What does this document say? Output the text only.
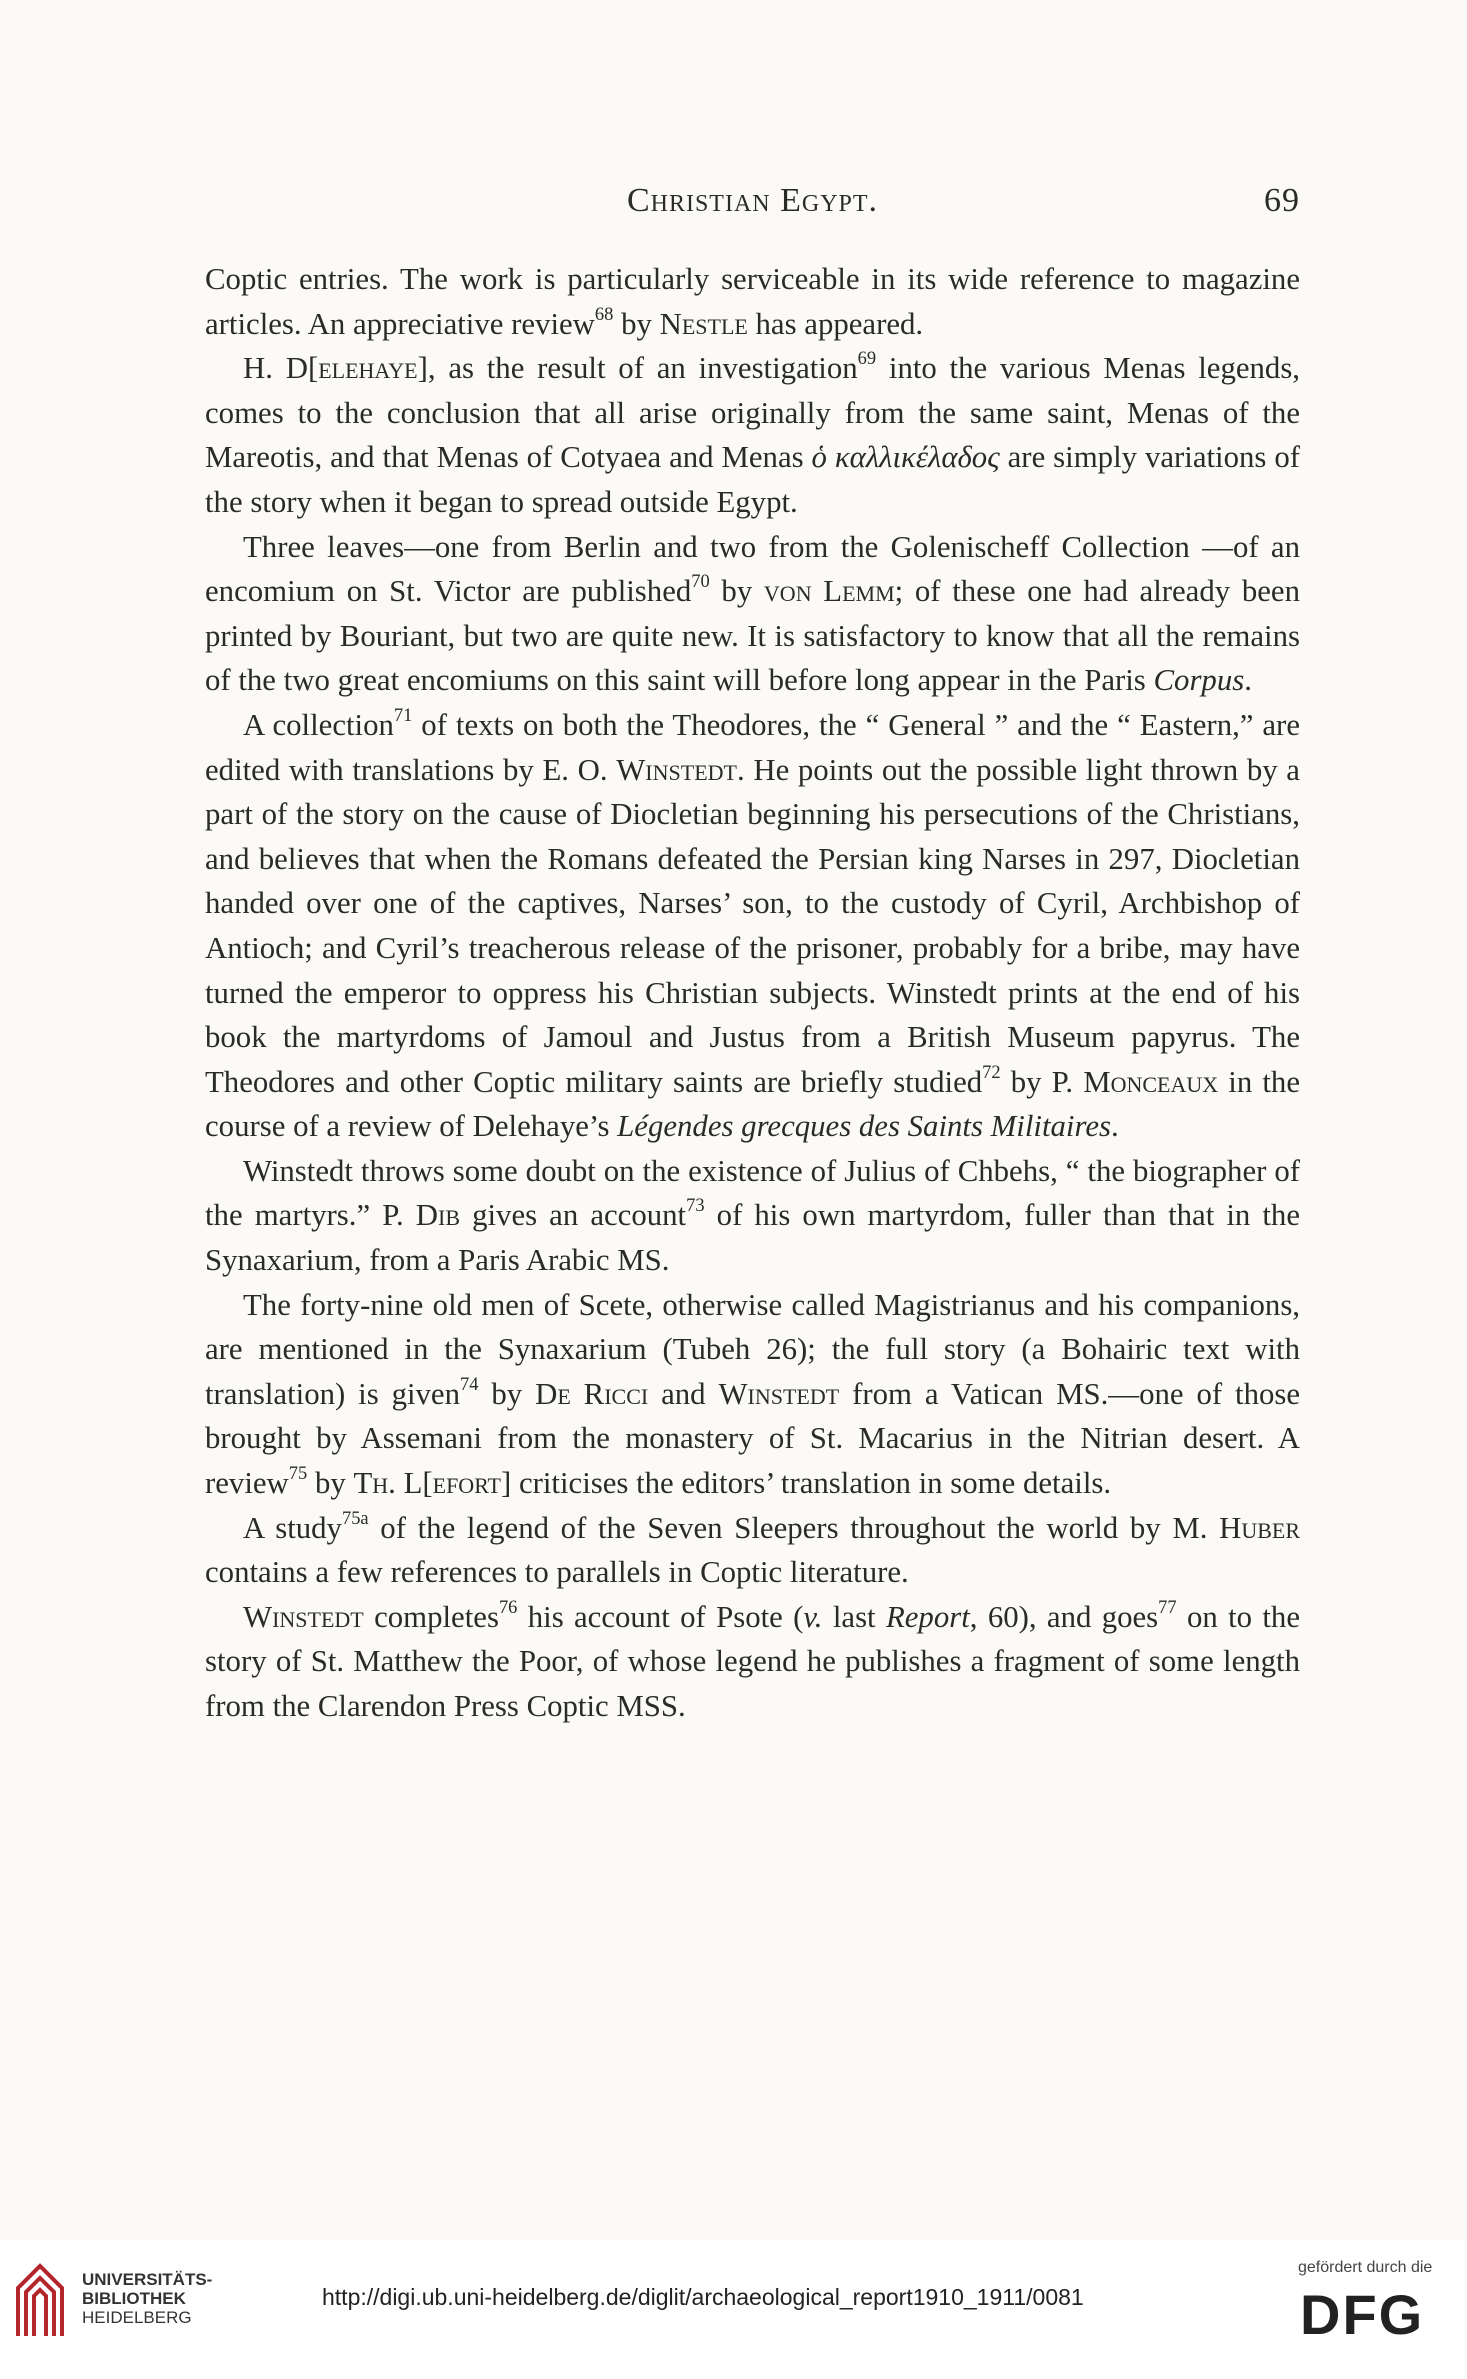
Christian Egypt.	69

Coptic entries. The work is particularly serviceable in its wide reference to magazine articles. An appreciative review$^{68}$ by Nestle has appeared.

H. D[elehaye], as the result of an investigation$^{69}$ into the various Menas legends, comes to the conclusion that all arise originally from the same saint, Menas of the Mareotis, and that Menas of Cotyaea and Menas ὁ καλλικέλαδος are simply variations of the story when it began to spread outside Egypt.

Three leaves—one from Berlin and two from the Golenischeff Collection —of an encomium on St. Victor are published$^{70}$ by von Lemm; of these one had already been printed by Bouriant, but two are quite new. It is satisfactory to know that all the remains of the two great encomiums on this saint will before long appear in the Paris Corpus.

A collection$^{71}$ of texts on both the Theodores, the “ General ” and the “ Eastern,” are edited with translations by E. O. Winstedt. He points out the possible light thrown by a part of the story on the cause of Diocletian beginning his persecutions of the Christians, and believes that when the Romans defeated the Persian king Narses in 297, Diocletian handed over one of the captives, Narses’ son, to the custody of Cyril, Archbishop of Antioch; and Cyril’s treacherous release of the prisoner, probably for a bribe, may have turned the emperor to oppress his Christian subjects. Winstedt prints at the end of his book the martyrdoms of Jamoul and Justus from a British Museum papyrus. The Theodores and other Coptic military saints are briefly studied$^{72}$ by P. Monceaux in the course of a review of Delehaye’s Légendes grecques des Saints Militaires.

Winstedt throws some doubt on the existence of Julius of Chbehs, “ the biographer of the martyrs.” P. Dib gives an account$^{73}$ of his own martyrdom, fuller than that in the Synaxarium, from a Paris Arabic MS.

The forty-nine old men of Scete, otherwise called Magistrianus and his companions, are mentioned in the Synaxarium (Tubeh 26); the full story (a Bohairic text with translation) is given$^{74}$ by De Ricci and Winstedt from a Vatican MS.—one of those brought by Assemani from the monastery of St. Macarius in the Nitrian desert. A review$^{75}$ by Th. L[efort] criticises the editors’ translation in some details.

A study$^{75a}$ of the legend of the Seven Sleepers throughout the world by M. Huber contains a few references to parallels in Coptic literature.

Winstedt completes$^{76}$ his account of Psote (v. last Report, 60), and goes$^{77}$ on to the story of St. Matthew the Poor, of whose legend he publishes a fragment of some length from the Clarendon Press Coptic MSS.

UNIVERSITÄTS-
BIBLIOTHEK
HEIDELBERG
http://digi.ub.uni-heidelberg.de/diglit/archaeological_report1910_1911/0081
gefördert durch die
DFG
